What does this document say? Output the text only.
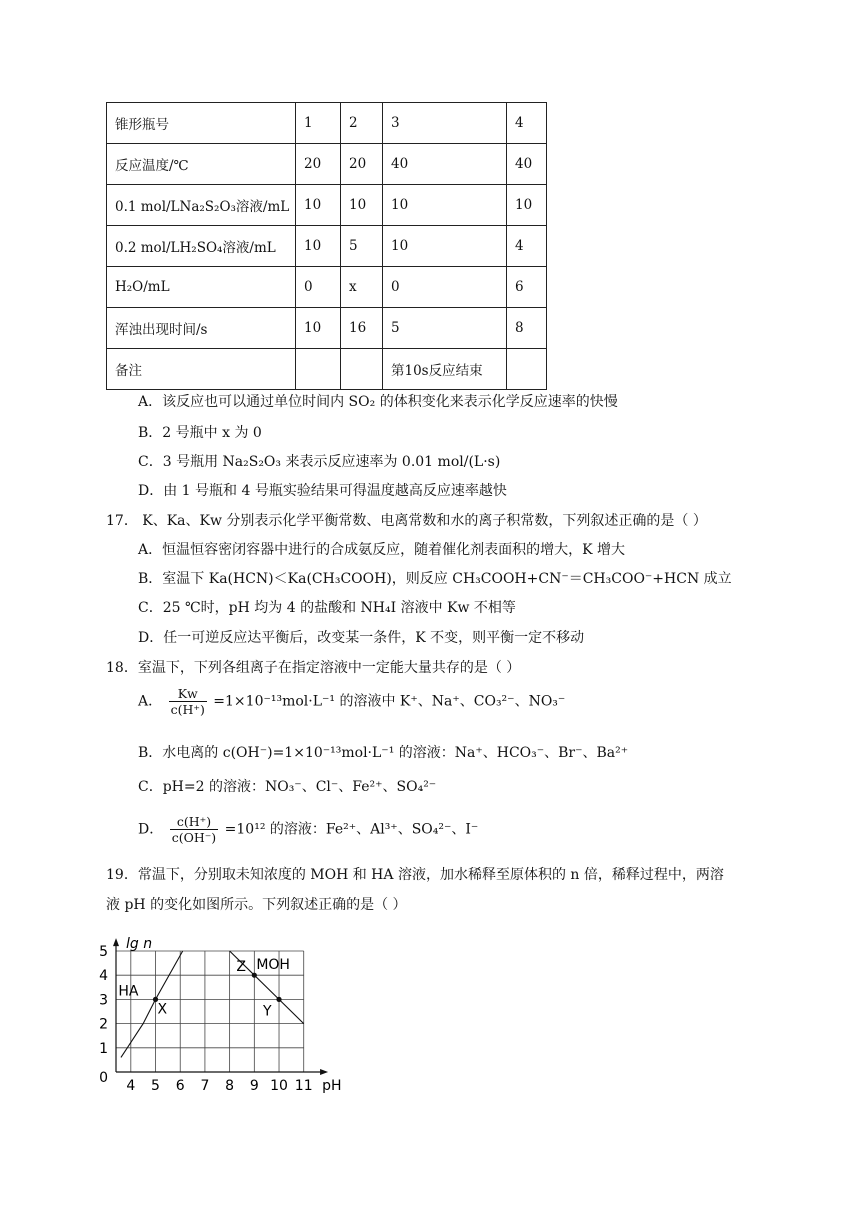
锥形瓶号	1	2	3	4
反应温度/℃	20	20	40	40
0.1 mol/LNa₂S₂O₃溶液/mL	10	10	10	10
0.2 mol/LH₂SO₄溶液/mL	10	5	10	4
H₂O/mL	0	x	0	6
浑浊出现时间/s	10	16	5	8
备注			第10s反应结束	
A．该反应也可以通过单位时间内 SO₂ 的体积变化来表示化学反应速率的快慢
B．2 号瓶中 x 为 0
C．3 号瓶用 Na₂S₂O₃ 来表示反应速率为 0.01 mol/(L·s)
D．由 1 号瓶和 4 号瓶实验结果可得温度越高反应速率越快
17． K、Ka、Kw 分别表示化学平衡常数、电离常数和水的离子积常数，下列叙述正确的是（ ）
A．恒温恒容密闭容器中进行的合成氨反应，随着催化剂表面积的增大，K 增大
B．室温下 Ka(HCN)＜Ka(CH₃COOH)，则反应 CH₃COOH+CN⁻＝CH₃COO⁻+HCN 成立
C．25 ℃时，pH 均为 4 的盐酸和 NH₄I 溶液中 Kw 不相等
D．任一可逆反应达平衡后，改变某一条件，K 不变，则平衡一定不移动
18．室温下，下列各组离子在指定溶液中一定能大量共存的是（ ）
A． $\frac{Kw}{c(H^+)} =1\times 10^{-13}mol\cdot L^{-1}$ 的溶液中 K⁺、Na⁺、CO₃²⁻、NO₃⁻
B．水电离的 c(OH⁻)=1×10⁻¹³mol·L⁻¹ 的溶液：Na⁺、HCO₃⁻、Br⁻、Ba²⁺
C．pH=2 的溶液：NO₃⁻、Cl⁻、Fe²⁺、SO₄²⁻
D． $\frac{c(H^+)}{c(OH^-)} =10^{12}$ 的溶液：Fe²⁺、Al³⁺、SO₄²⁻、I⁻
19．常温下，分别取未知浓度的 MOH 和 HA 溶液，加水稀释至原体积的 n 倍，稀释过程中，两溶
液 pH 的变化如图所示。下列叙述正确的是（ ）
4 5 6 7 8 9 10 11
0
1
2
3
4
5 lg n
pH
HA
X
Z MOH
Y
